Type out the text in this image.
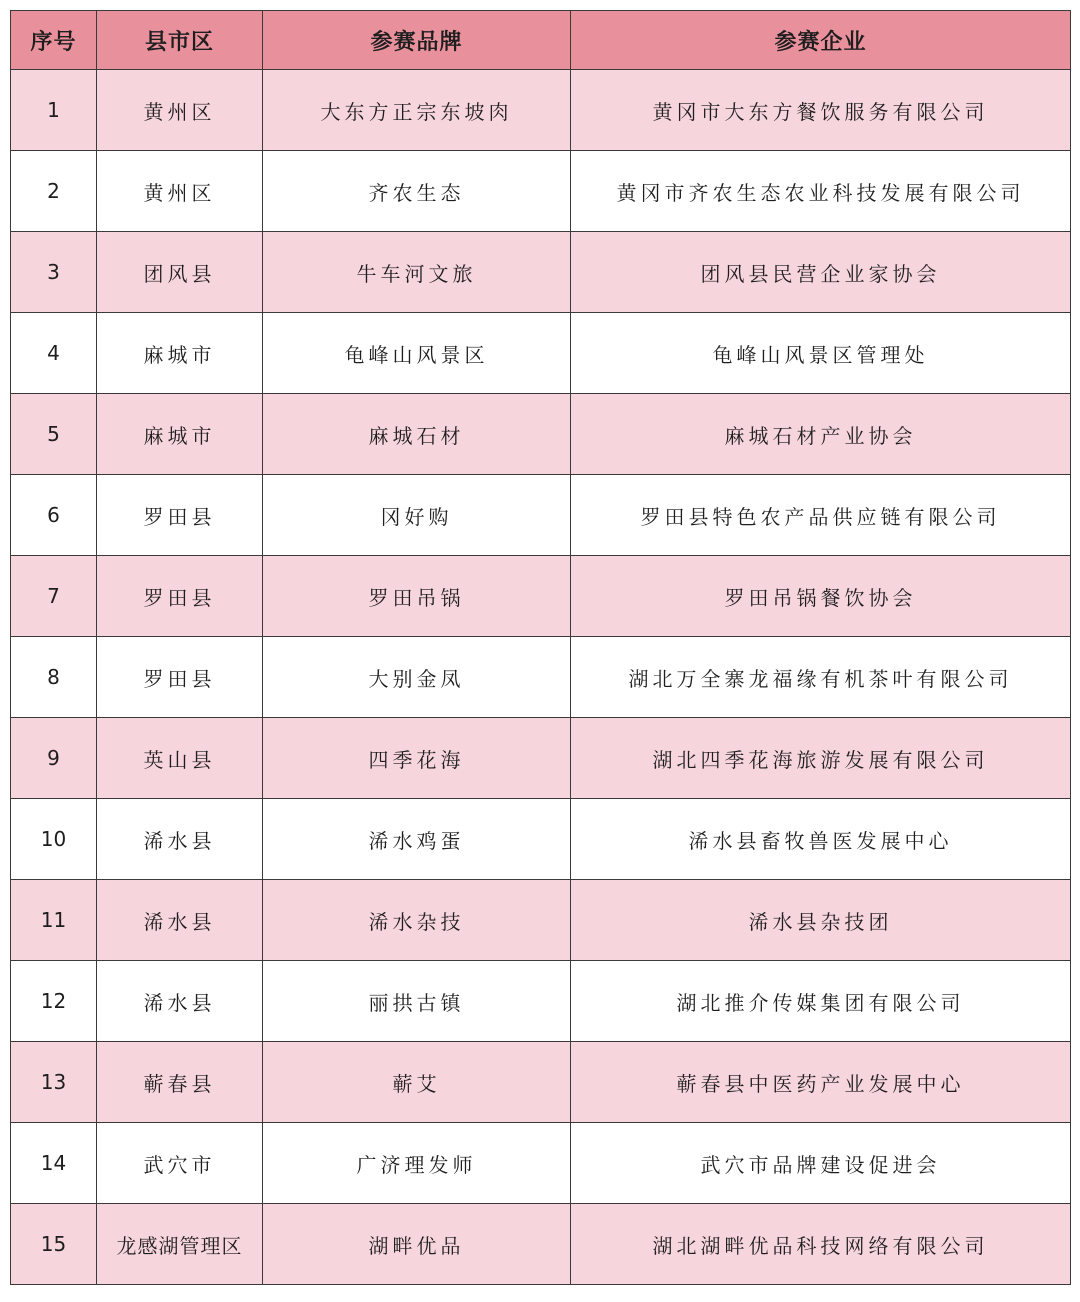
序号	县市区	参赛品牌	参赛企业
1	黄州区	大东方正宗东坡肉	黄冈市大东方餐饮服务有限公司
2	黄州区	齐农生态	黄冈市齐农生态农业科技发展有限公司
3	团风县	牛车河文旅	团风县民营企业家协会
4	麻城市	龟峰山风景区	龟峰山风景区管理处
5	麻城市	麻城石材	麻城石材产业协会
6	罗田县	冈好购	罗田县特色农产品供应链有限公司
7	罗田县	罗田吊锅	罗田吊锅餐饮协会
8	罗田县	大别金凤	湖北万全寨龙福缘有机茶叶有限公司
9	英山县	四季花海	湖北四季花海旅游发展有限公司
10	浠水县	浠水鸡蛋	浠水县畜牧兽医发展中心
11	浠水县	浠水杂技	浠水县杂技团
12	浠水县	丽拱古镇	湖北推介传媒集团有限公司
13	蕲春县	蕲艾	蕲春县中医药产业发展中心
14	武穴市	广济理发师	武穴市品牌建设促进会
15	龙感湖管理区	湖畔优品	湖北湖畔优品科技网络有限公司
